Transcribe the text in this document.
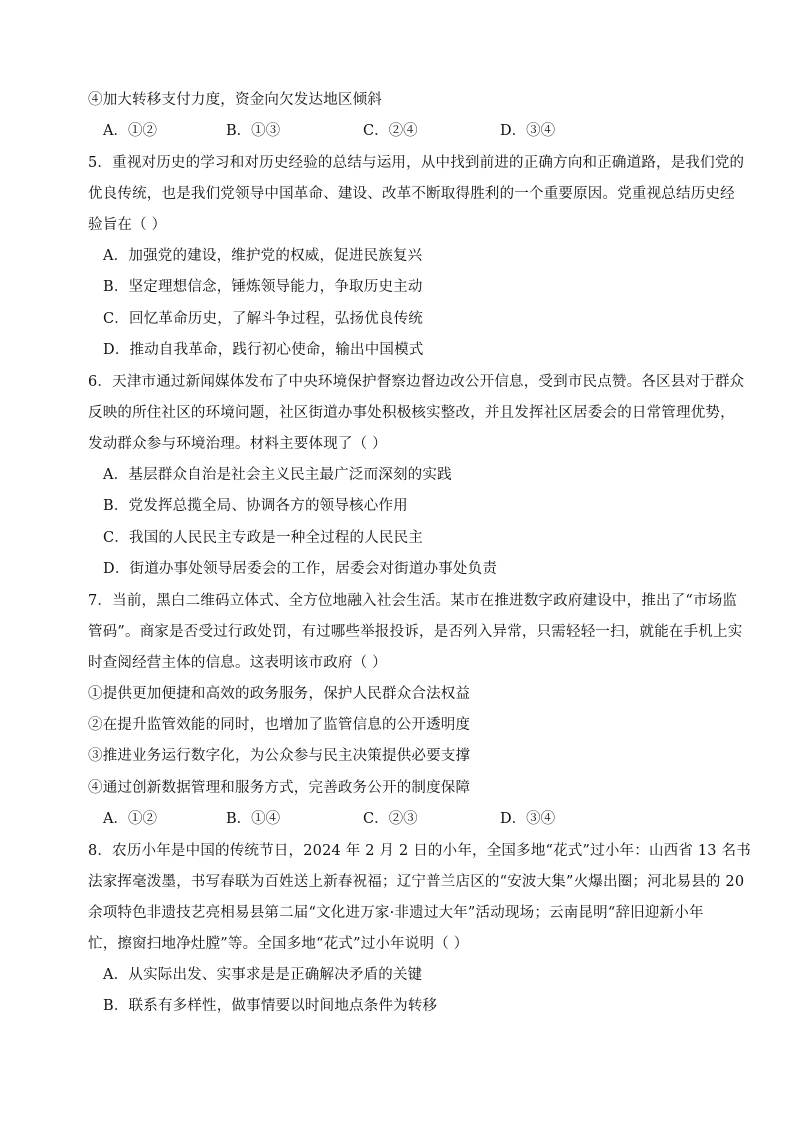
④加大转移支付力度，资金向欠发达地区倾斜
A．①②	B．①③	C．②④	D．③④
5．重视对历史的学习和对历史经验的总结与运用，从中找到前进的正确方向和正确道路，是我们党的
优良传统，也是我们党领导中国革命、建设、改革不断取得胜利的一个重要原因。党重视总结历史经
验旨在（ ）
A．加强党的建设，维护党的权威，促进民族复兴
B．坚定理想信念，锤炼领导能力，争取历史主动
C．回忆革命历史，了解斗争过程，弘扬优良传统
D．推动自我革命，践行初心使命，输出中国模式
6．天津市通过新闻媒体发布了中央环境保护督察边督边改公开信息，受到市民点赞。各区县对于群众
反映的所住社区的环境问题，社区街道办事处积极核实整改，并且发挥社区居委会的日常管理优势，
发动群众参与环境治理。材料主要体现了（ ）
A．基层群众自治是社会主义民主最广泛而深刻的实践
B．党发挥总揽全局、协调各方的领导核心作用
C．我国的人民民主专政是一种全过程的人民民主
D．街道办事处领导居委会的工作，居委会对街道办事处负责
7．当前，黑白二维码立体式、全方位地融入社会生活。某市在推进数字政府建设中，推出了“市场监
管码”。商家是否受过行政处罚，有过哪些举报投诉，是否列入异常，只需轻轻一扫，就能在手机上实
时查阅经营主体的信息。这表明该市政府（ ）
①提供更加便捷和高效的政务服务，保护人民群众合法权益
②在提升监管效能的同时，也增加了监管信息的公开透明度
③推进业务运行数字化，为公众参与民主决策提供必要支撑
④通过创新数据管理和服务方式，完善政务公开的制度保障
A．①②	B．①④	C．②③	D．③④
8．农历小年是中国的传统节日，2024 年 2 月 2 日的小年，全国多地“花式”过小年：山西省 13 名书
法家挥毫泼墨，书写春联为百姓送上新春祝福；辽宁普兰店区的“安波大集”火爆出圈；河北易县的 20
余项特色非遗技艺亮相易县第二届“文化进万家·非遗过大年”活动现场；云南昆明“辞旧迎新小年
忙，擦窗扫地净灶膛”等。全国多地“花式”过小年说明（ ）
A．从实际出发、实事求是是正确解决矛盾的关键
B．联系有多样性，做事情要以时间地点条件为转移
